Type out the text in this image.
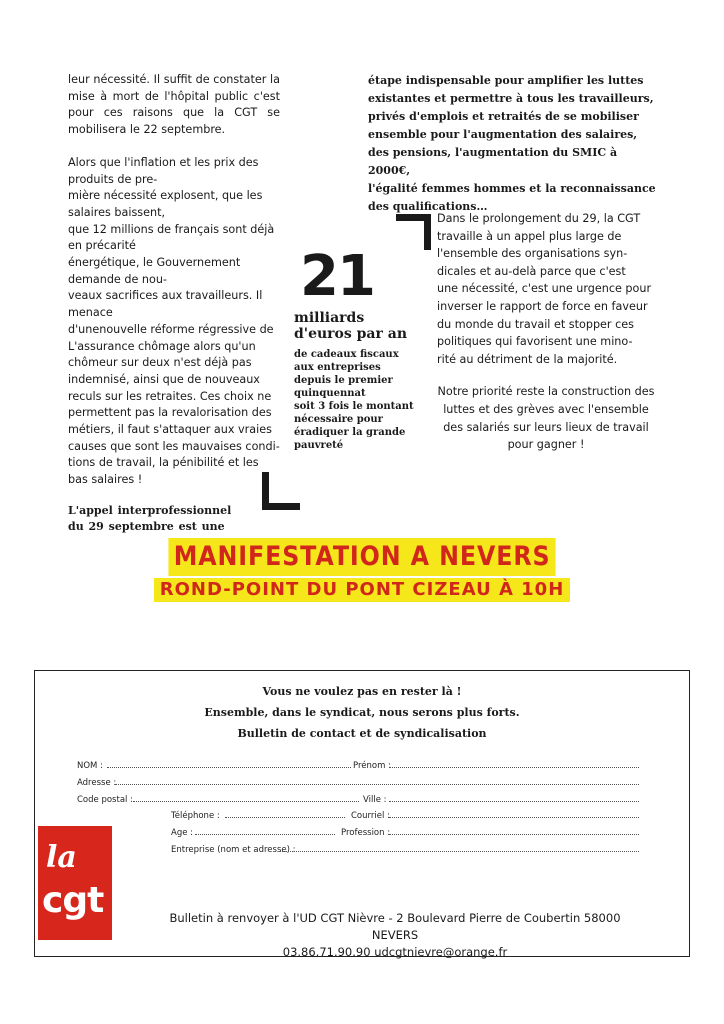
leur nécessité. Il suffit de constater la mise à mort de l'hôpital public c'est pour ces raisons que la CGT se mobilisera le 22 septembre.

Alors que l'inflation et les prix des produits de pre-
mière nécessité explosent, que les salaires baissent,
que 12 millions de français sont déjà en précarité
énergétique, le Gouvernement demande de nou-
veaux sacrifices aux travailleurs. Il menace
d'unenouvelle réforme régressive de
L'assurance chômage alors qu'un
chômeur sur deux n'est déjà pas
indemnisé, ainsi que de nouveaux
reculs sur les retraites. Ces choix ne
permettent pas la revalorisation des
métiers, il faut s'attaquer aux vraies
causes que sont les mauvaises condi-
tions de travail, la pénibilité et les
bas salaires !
L'appel interprofessionnel
du 29 septembre est une
étape indispensable pour amplifier les luttes
existantes et permettre à tous les travailleurs,
privés d'emplois et retraités de se mobiliser
ensemble pour l'augmentation des salaires,
des pensions, l'augmentation du SMIC à 2000€,
l'égalité femmes hommes et la reconnaissance
des qualifications…
Dans le prolongement du 29, la CGT
travaille à un appel plus large de
l'ensemble des organisations syn-
dicales et au-delà parce que c'est
une nécessité, c'est une urgence pour
inverser le rapport de force en faveur
du monde du travail et stopper ces
politiques qui favorisent une mino-
rité au détriment de la majorité.
Notre priorité reste la construction des
luttes et des grèves avec l'ensemble
des salariés sur leurs lieux de travail
pour gagner !
21
milliards
d'euros par an
de cadeaux fiscaux
aux entreprises
depuis le premier
quinquennat
soit 3 fois le montant
nécessaire pour
éradiquer la grande
pauvreté
MANIFESTATION A NEVERS
ROND-POINT DU PONT CIZEAU À 10H
Vous ne voulez pas en rester là !
Ensemble, dans le syndicat, nous serons plus forts.
Bulletin de contact et de syndicalisation
NOM :	Prénom :
Adresse :
Code postal :	Ville :
Téléphone :	Courriel :
Age :	Profession :
Entreprise (nom et adresse) :
la
cgt	Bulletin à renvoyer à l'UD CGT Nièvre - 2 Boulevard Pierre de Coubertin 58000 NEVERS
03.86.71.90.90 udcgtnievre@orange.fr
